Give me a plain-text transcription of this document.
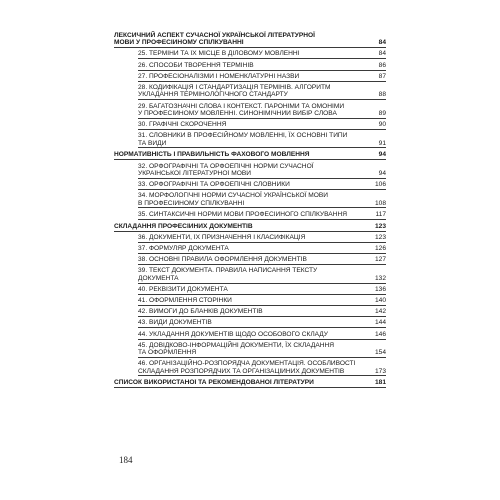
ЛЕКСИЧНИЙ АСПЕКТ СУЧАСНОЇ УКРАЇНСЬКОЇ ЛІТЕРАТУРНОЇ
МОВИ У ПРОФЕСІЙНОМУ СПІЛКУВАННІ	84
25. ТЕРМІНИ ТА ЇХ МІСЦЕ В ДІЛОВОМУ МОВЛЕННІ	84
26. СПОСОБИ ТВОРЕННЯ ТЕРМІНІВ	86
27. ПРОФЕСІОНАЛІЗМИ І НОМЕНКЛАТУРНІ НАЗВИ	87
28. КОДИФІКАЦІЯ І СТАНДАРТИЗАЦІЯ ТЕРМІНІВ. АЛГОРИТМ
УКЛАДАННЯ ТЕРМІНОЛОГІЧНОГО СТАНДАРТУ	88
29. БАГАТОЗНАЧНІ СЛОВА І КОНТЕКСТ. ПАРОНІМИ ТА ОМОНІМИ
У ПРОФЕСІЙНОМУ МОВЛЕННІ. СИНОНІМІЧНИЙ ВИБІР СЛОВА	89
30. ГРАФІЧНІ СКОРОЧЕННЯ	90
31. СЛОВНИКИ В ПРОФЕСІЙНОМУ МОВЛЕННІ, ЇХ ОСНОВНІ ТИПИ
ТА ВИДИ	91
НОРМАТИВНІСТЬ І ПРАВИЛЬНІСТЬ ФАХОВОГО МОВЛЕННЯ	94
32. ОРФОГРАФІЧНІ ТА ОРФОЕПІЧНІ НОРМИ СУЧАСНОЇ
УКРАЇНСЬКОЇ ЛІТЕРАТУРНОЇ МОВИ	94
33. ОРФОГРАФІЧНІ ТА ОРФОЕПІЧНІ СЛОВНИКИ	106
34. МОРФОЛОГІЧНІ НОРМИ СУЧАСНОЇ УКРАЇНСЬКОЇ МОВИ
В ПРОФЕСІЙНОМУ СПІЛКУВАННІ	108
35. СИНТАКСИЧНІ НОРМИ МОВИ ПРОФЕСІЙНОГО СПІЛКУВАННЯ	117
СКЛАДАННЯ ПРОФЕСІЙНИХ ДОКУМЕНТІВ	123
36. ДОКУМЕНТИ, ЇХ ПРИЗНАЧЕННЯ І КЛАСИФІКАЦІЯ	123
37. ФОРМУЛЯР ДОКУМЕНТА	126
38. ОСНОВНІ ПРАВИЛА ОФОРМЛЕННЯ ДОКУМЕНТІВ	127
39. ТЕКСТ ДОКУМЕНТА. ПРАВИЛА НАПИСАННЯ ТЕКСТУ
ДОКУМЕНТА	132
40. РЕКВІЗИТИ ДОКУМЕНТА	136
41. ОФОРМЛЕННЯ СТОРІНКИ	140
42. ВИМОГИ ДО БЛАНКІВ ДОКУМЕНТІВ	142
43. ВИДИ ДОКУМЕНТІВ	144
44. УКЛАДАННЯ ДОКУМЕНТІВ ЩОДО ОСОБОВОГО СКЛАДУ	146
45. ДОВІДКОВО-ІНФОРМАЦІЙНІ ДОКУМЕНТИ, ЇХ СКЛАДАННЯ
ТА ОФОРМЛЕННЯ	154
46. ОРГАНІЗАЦІЙНО-РОЗПОРЯДЧА ДОКУМЕНТАЦІЯ. ОСОБЛИВОСТІ
СКЛАДАННЯ РОЗПОРЯДЧИХ ТА ОРГАНІЗАЦІЙНИХ ДОКУМЕНТІВ	173
СПИСОК ВИКОРИСТАНОЇ ТА РЕКОМЕНДОВАНОЇ ЛІТЕРАТУРИ	181
184
